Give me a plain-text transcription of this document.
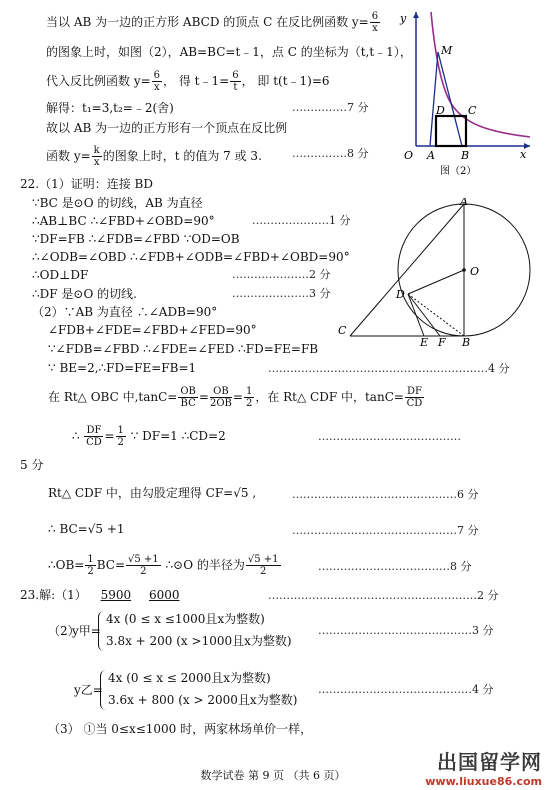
当以 AB 为一边的正方形 ABCD 的顶点 C 在反比例函数 $y= \frac{6}{x}$
的图象上时，如图（2），AB=BC=t﹣1，点 C 的坐标为（t,t﹣1），
代入反比例函数 $y= \frac{6}{x}$ ， 得 t﹣1= $\frac{6}{t}$ ， 即 t(t﹣1)=6
解得：t₁=3,t₂=﹣2(舍)	……………7 分
故以 AB 为一边的正方形有一个顶点在反比例
函数 $y= \frac{k}{x}$ 的图象上时，t 的值为 7 或 3.	……………8 分
y
x
O A B
C
D
M
图（2）
22.（1）证明：连接 BD
∵BC 是⊙O 的切线，AB 为直径
∴AB⊥BC ∴∠FBD+∠OBD=90°	…………………1 分
∵DF=FB ∴∠FDB=∠FBD ∵OD=OB
∴∠ODB=∠OBD ∴∠FDB+∠ODB=∠FBD+∠OBD=90°
∴OD⊥DF	…………………2 分
∴DF 是⊙O 的切线.	…………………3 分
（2）∵AB 为直径 ∴∠ADB=90°
∠FDB+∠FDE=∠FBD+∠FED=90°
∵∠FDB=∠FBD ∴∠FDE=∠FED ∴FD=FE=FB
∵ BE=2,∴FD=FE=FB=1	……………………………………………………4 分
A
O
D
C
E F B
在 Rt△ OBC 中$,\tan C= \frac{OB}{BC} = \frac{OB}{2OB} = \frac{1}{2}$ ，在 Rt△ CDF 中，$\tan C= \frac{DF}{CD}$
∴ $\frac{DF}{CD} = \frac{1}{2}$ ∵ DF=1 ∴CD=2	…………………………………
5 分
Rt△ CDF 中，由勾股定理得 CF=√5 ,	………………………………………6 分
∴ BC=√5 +1	………………………………………7 分
∴OB= $\frac{1}{2} BC= \frac{√5 +1}{2}$ ∴⊙O 的半径为 $\frac{√5 +1}{2}$	………………………………8 分
23.解:（1） 5900 6000	…………………………………………………2 分
（2）
y甲=
4x (0 ≤ x ≤1000且x为整数)
3.8x + 200 (x >1000且x为整数)
……………………………………3 分
y乙=
4x (0 ≤ x ≤ 2000且x为整数)
3.6x + 800 (x > 2000且x为整数)
……………………………………4 分
（3） ①当 0≤x≤1000 时，两家林场单价一样，
数学试卷 第 9 页 （共 6 页）
出国留学网
www.liuxue86.com
